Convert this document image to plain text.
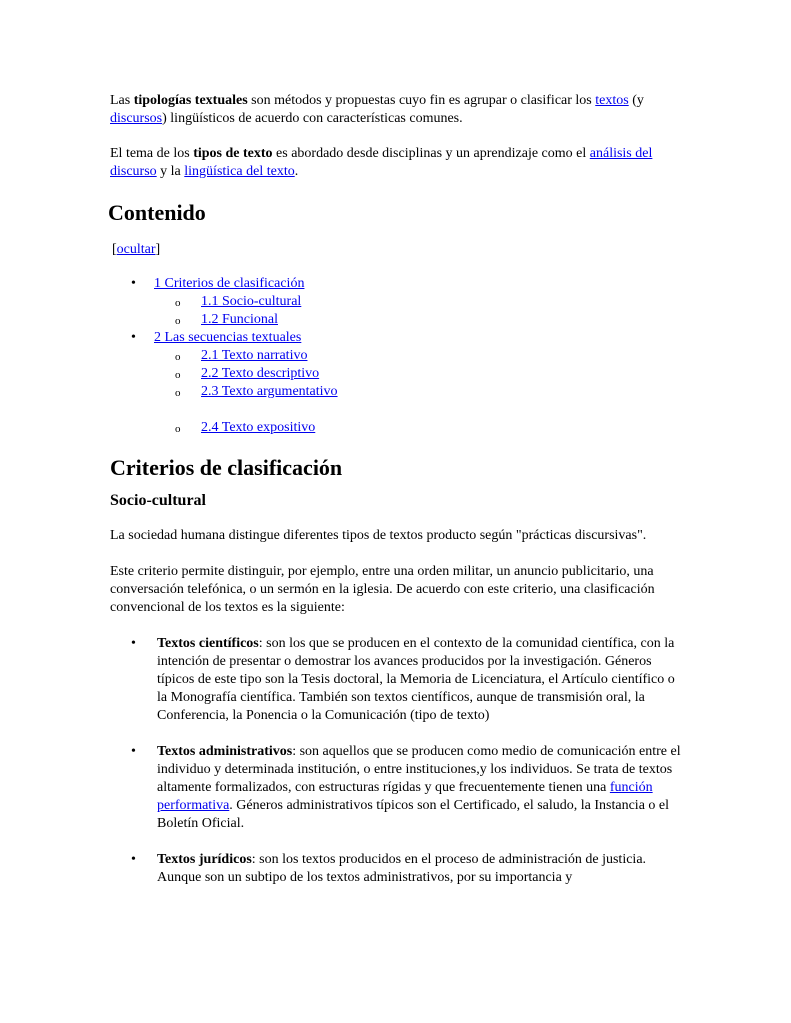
Las tipologías textuales son métodos y propuestas cuyo fin es agrupar o clasificar los textos (y discursos) lingüísticos de acuerdo con características comunes.

El tema de los tipos de texto es abordado desde disciplinas y un aprendizaje como el análisis del discurso y la lingüística del texto.

Contenido
[ocultar]
• 1 Criterios de clasificación
o 1.1 Socio-cultural
o 1.2 Funcional
• 2 Las secuencias textuales
o 2.1 Texto narrativo
o 2.2 Texto descriptivo
o 2.3 Texto argumentativo
o 2.4 Texto expositivo
Criterios de clasificación
Socio-cultural

La sociedad humana distingue diferentes tipos de textos producto según "prácticas discursivas".

Este criterio permite distinguir, por ejemplo, entre una orden militar, un anuncio publicitario, una conversación telefónica, o un sermón en la iglesia. De acuerdo con este criterio, una clasificación convencional de los textos es la siguiente:

• Textos científicos: son los que se producen en el contexto de la comunidad científica, con la intención de presentar o demostrar los avances producidos por la investigación. Géneros típicos de este tipo son la Tesis doctoral, la Memoria de Licenciatura, el Artículo científico o la Monografía científica. También son textos científicos, aunque de transmisión oral, la Conferencia, la Ponencia o la Comunicación (tipo de texto)
• Textos administrativos: son aquellos que se producen como medio de comunicación entre el individuo y determinada institución, o entre instituciones,y los individuos. Se trata de textos altamente formalizados, con estructuras rígidas y que frecuentemente tienen una función performativa. Géneros administrativos típicos son el Certificado, el saludo, la Instancia o el Boletín Oficial.
• Textos jurídicos: son los textos producidos en el proceso de administración de justicia. Aunque son un subtipo de los textos administrativos, por su importancia y
